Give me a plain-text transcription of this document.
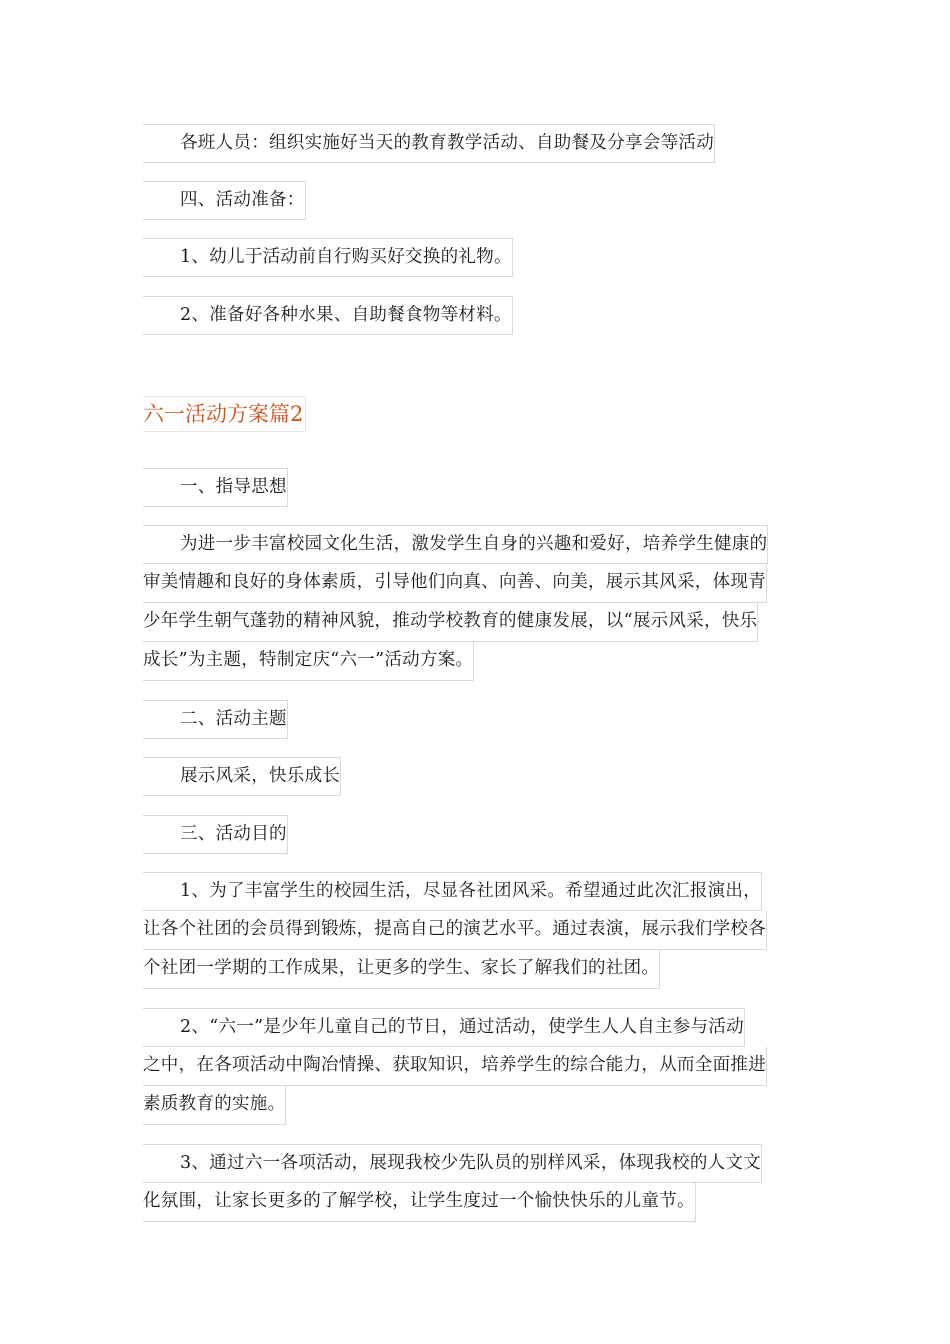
各班人员：组织实施好当天的教育教学活动、自助餐及分享会等活动
四、活动准备：
1、幼儿于活动前自行购买好交换的礼物。
2、准备好各种水果、自助餐食物等材料。
六一活动方案篇2
一、指导思想
为进一步丰富校园文化生活，激发学生自身的兴趣和爱好，培养学生健康的
审美情趣和良好的身体素质，引导他们向真、向善、向美，展示其风采，体现青
少年学生朝气蓬勃的精神风貌，推动学校教育的健康发展，以“展示风采，快乐
成长”为主题，特制定庆“六一”活动方案。
二、活动主题
展示风采，快乐成长
三、活动目的
1、为了丰富学生的校园生活，尽显各社团风采。希望通过此次汇报演出，
让各个社团的会员得到锻炼，提高自己的演艺水平。通过表演，展示我们学校各
个社团一学期的工作成果，让更多的学生、家长了解我们的社团。
2、“六一”是少年儿童自己的节日，通过活动，使学生人人自主参与活动
之中，在各项活动中陶冶情操、获取知识，培养学生的综合能力，从而全面推进
素质教育的实施。
3、通过六一各项活动，展现我校少先队员的别样风采，体现我校的人文文
化氛围，让家长更多的了解学校，让学生度过一个愉快快乐的儿童节。
